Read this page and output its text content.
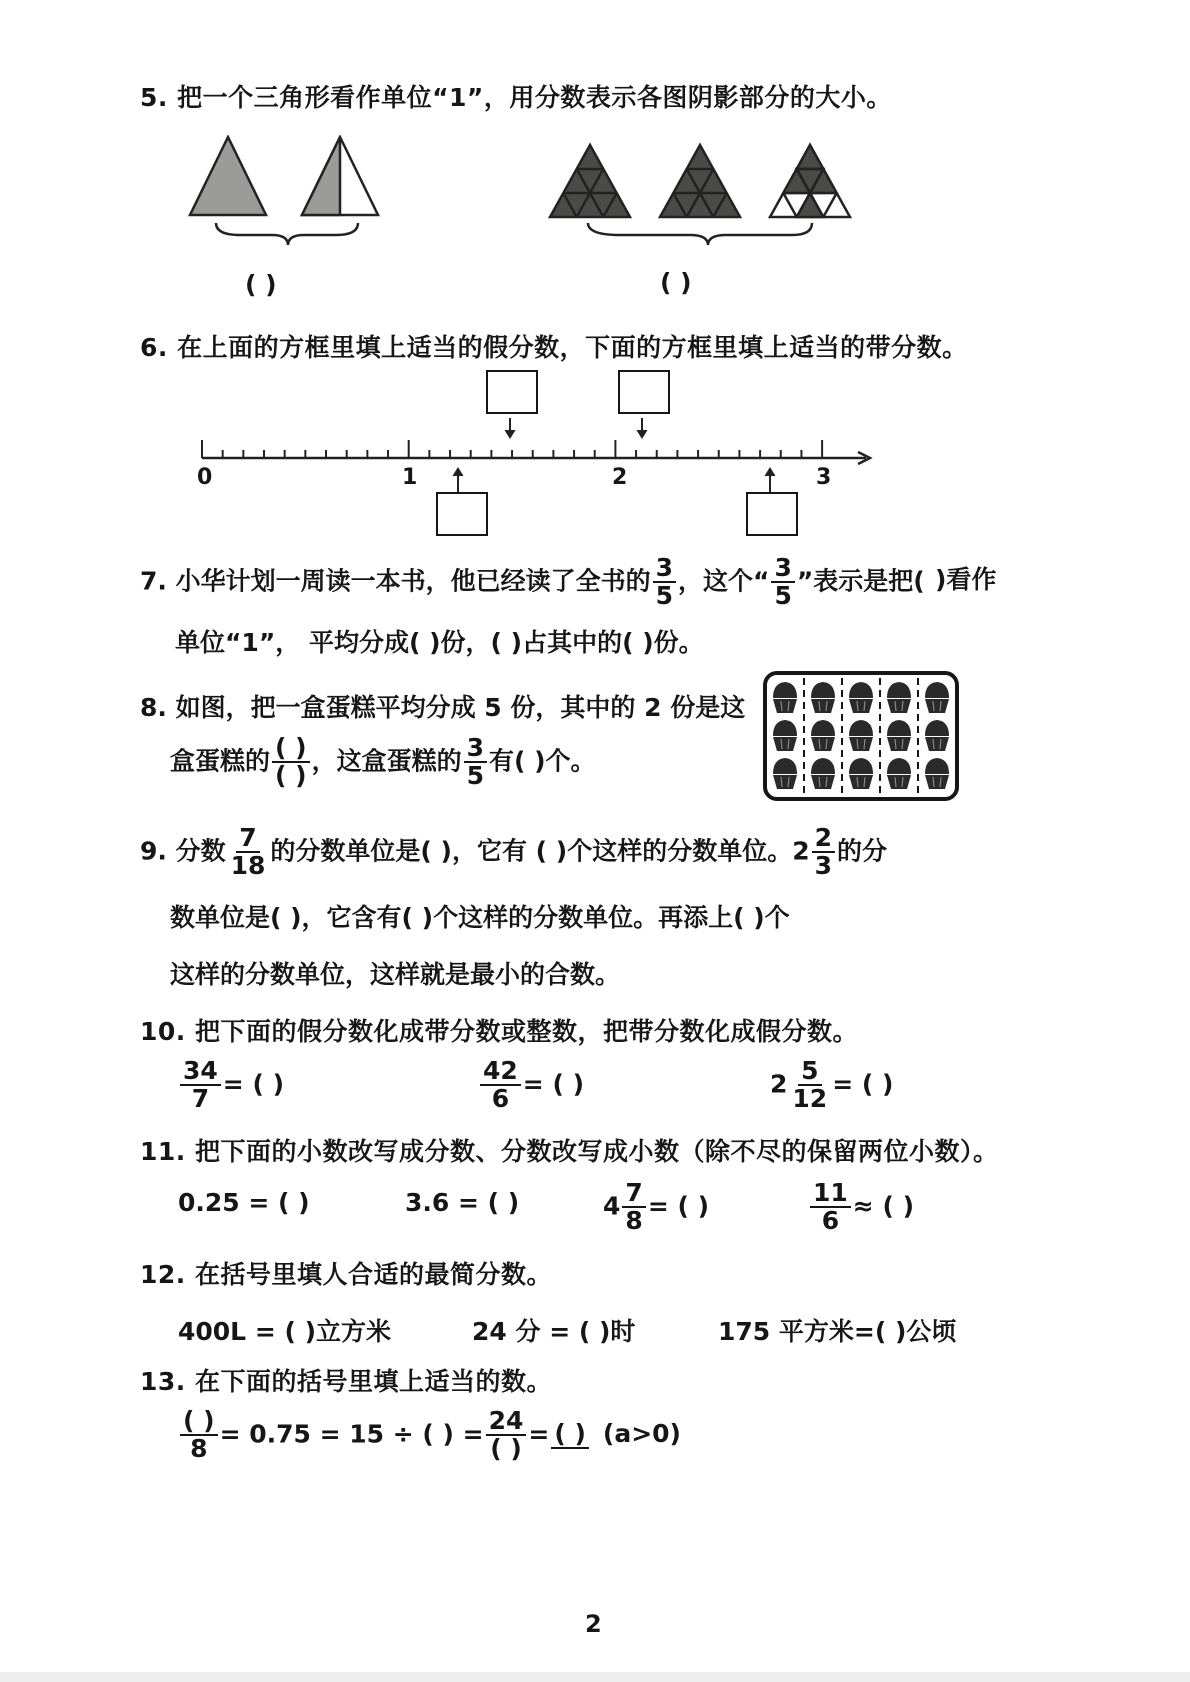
5. 把一个三角形看作单位“1”，用分数表示各图阴影部分的大小。
( )	( )
6. 在上面的方框里填上适当的假分数，下面的方框里填上适当的带分数。
0	1	2	3
7. 小华计划一周读一本书，他已经读了全书的 $\frac{3}{5}$ ，这个“ $\frac{3}{5}$ ”表示是把( )看作
单位“1”， 平均分成( )份，( )占其中的( )份。
8. 如图，把一盒蛋糕平均分成 5 份，其中的 2 份是这
盒蛋糕的 $\frac{( )}{( )}$ ，这盒蛋糕的 $\frac{3}{5}$ 有( )个。
9. 分数 $\frac{7}{18}$ 的分数单位是( )，它有 ( )个这样的分数单位。$2 \frac{2}{3}$ 的分
数单位是( )，它含有( )个这样的分数单位。再添上( )个
这样的分数单位，这样就是最小的合数。
10. 把下面的假分数化成带分数或整数，把带分数化成假分数。
$\frac{34}{7}$ = ( )	$\frac{42}{6}$ = ( )	$2 \frac{5}{12}$ = ( )
11. 把下面的小数改写成分数、分数改写成小数（除不尽的保留两位小数）。
0.25 = ( )	3.6 = ( )	$4 \frac{7}{8}$ = ( )	$\frac{11}{6}$ ≈ ( )
12. 在括号里填人合适的最简分数。
400L = ( )立方米	24 分 = ( )时	175 平方米=( )公顷
13. 在下面的括号里填上适当的数。
$\frac{( )}{8} = 0.75 = 15$ ÷ ( ) = $\frac{24}{( )}$ = ( ) (a>0)
2
